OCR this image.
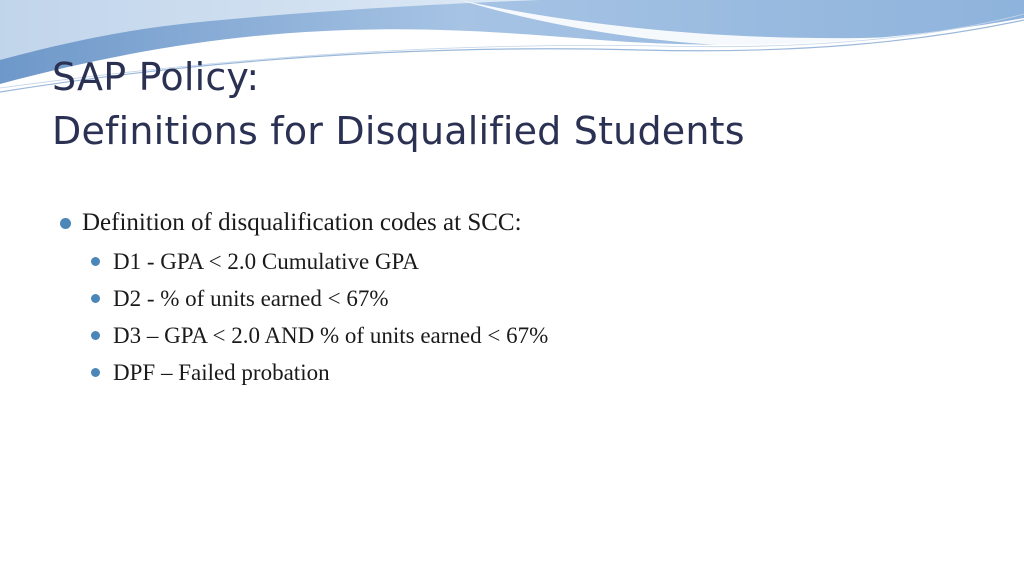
SAP Policy:
Definitions for Disqualified Students
Definition of disqualification codes at SCC:
D1 - GPA < 2.0 Cumulative GPA
D2 - % of units earned < 67%
D3 – GPA < 2.0 AND % of units earned < 67%
DPF – Failed probation
